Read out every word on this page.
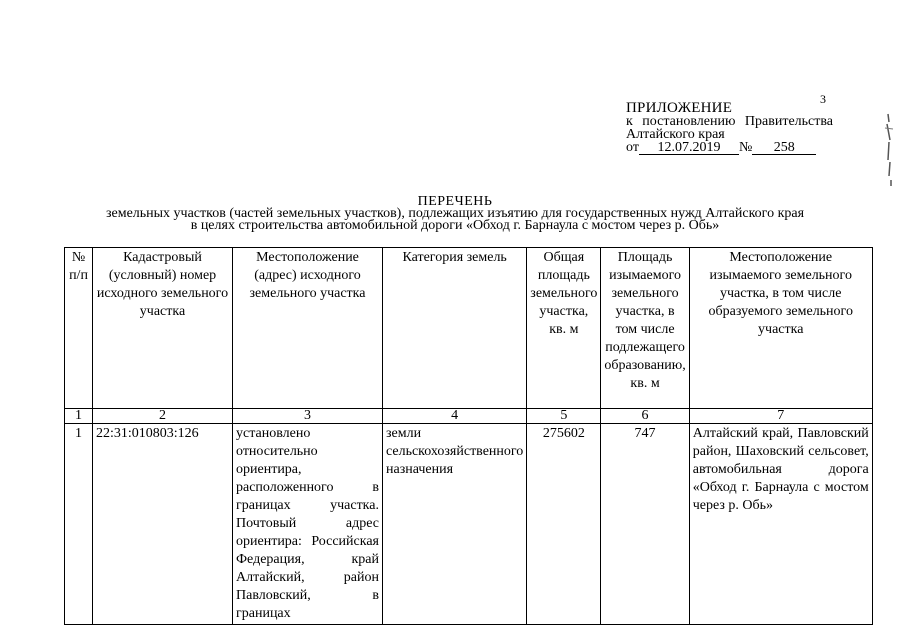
3
ПРИЛОЖЕНИЕ
к постановлению Правительства
Алтайского края
от 12.07.2019 № 258
ПЕРЕЧЕНЬ
земельных участков (частей земельных участков), подлежащих изъятию для государственных нужд Алтайского края
в целях строительства автомобильной дороги «Обход г. Барнаула с мостом через р. Обь»
№ п/п	Кадастровый (условный) номер исходного земельного участка	Местоположение (адрес) исходного земельного участка	Категория земель	Общая площадь земельного участка, кв. м	Площадь изымаемого земельного участка, в том числе подлежащего образованию, кв. м	Местоположение изымаемого земельного участка, в том числе образуемого земельного участка
1	2	3	4	5	6	7
1	22:31:010803:126	установлено относительно ориентира, расположенного в границах участка. Почтовый адрес ориентира: Российская Федерация, край Алтайский, район Павловский, в границах	земли сельскохозяйственного назначения	275602	747	Алтайский край, Павловский район, Шаховский сельсовет, автомобильная дорога «Обход г. Барнаула с мостом через р. Обь»
